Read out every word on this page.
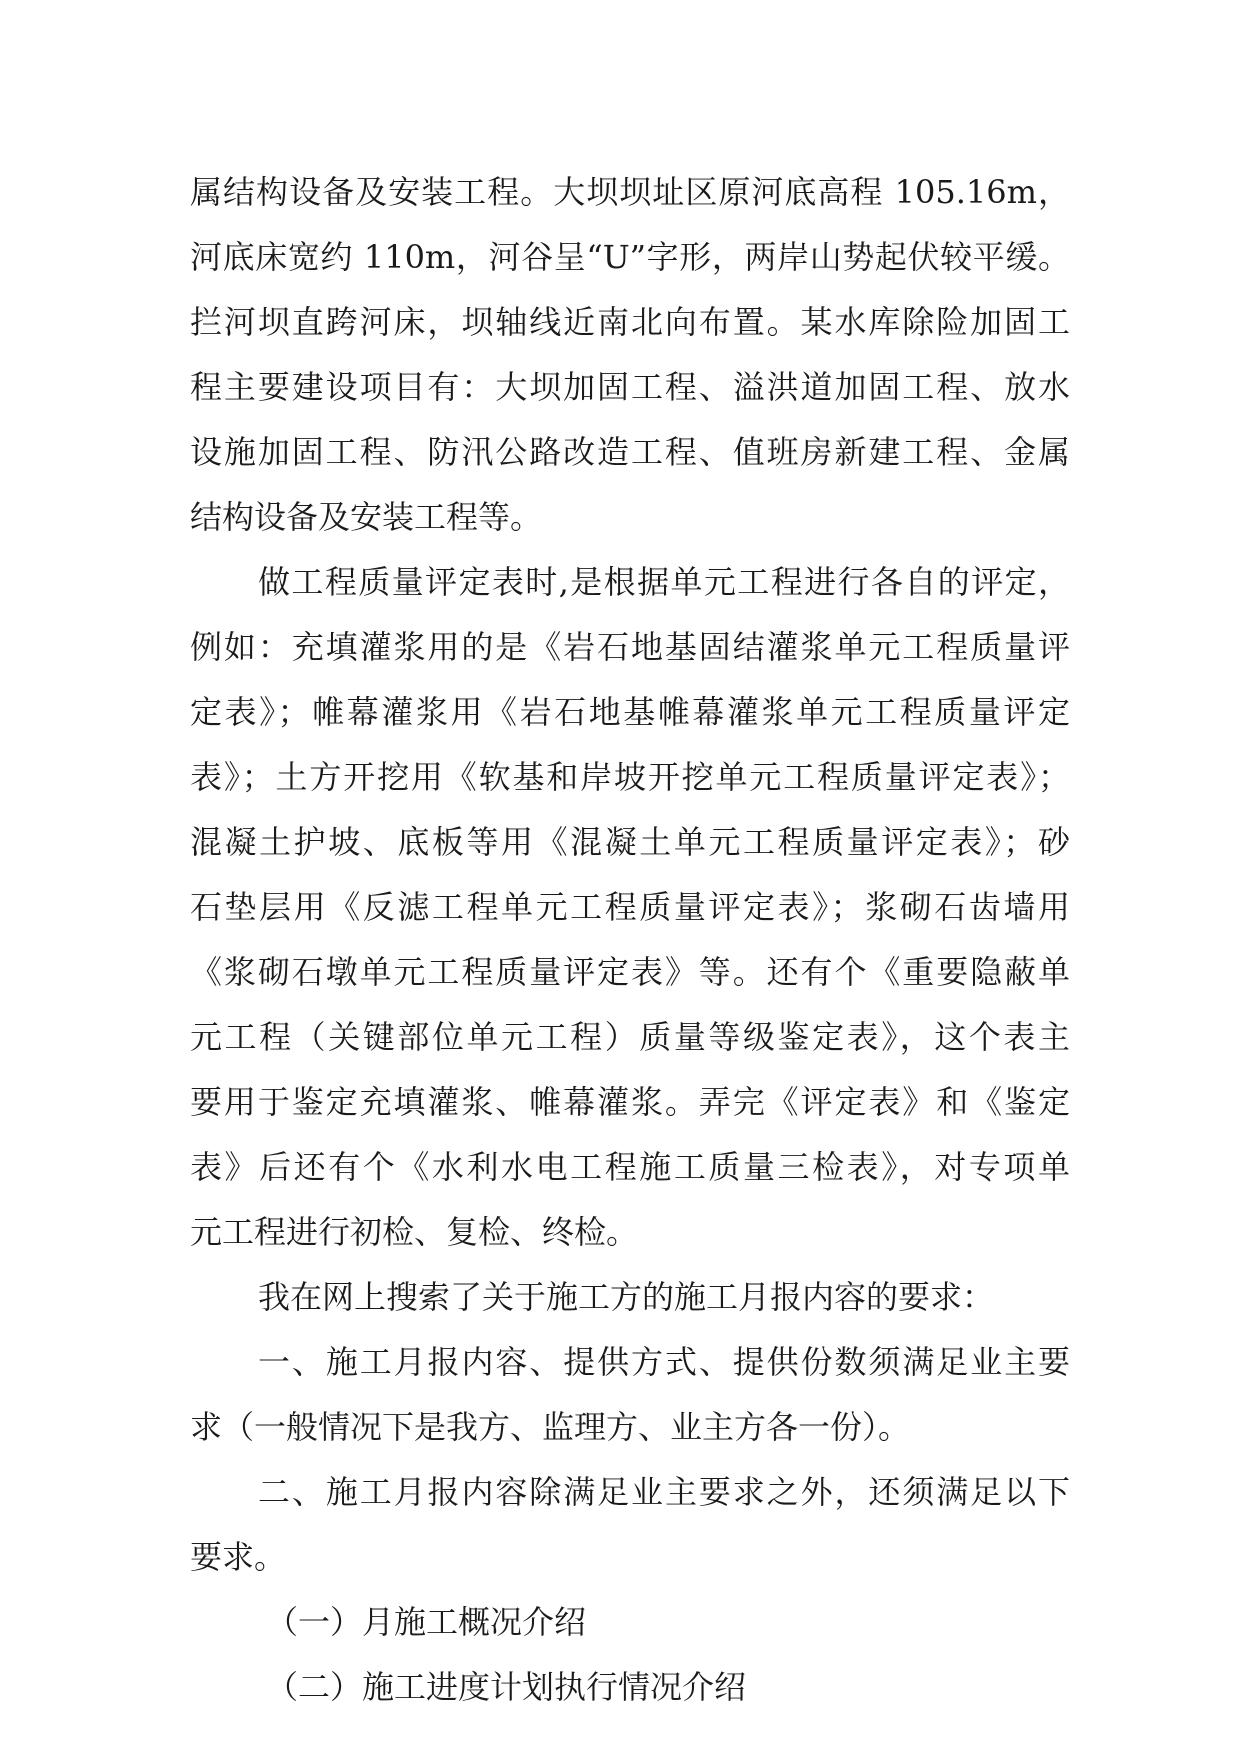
属结构设备及安装工程。大坝坝址区原河底高程 105.16m，
河底床宽约 110m，河谷呈“U”字形，两岸山势起伏较平缓。
拦河坝直跨河床，坝轴线近南北向布置。某水库除险加固工
程主要建设项目有：大坝加固工程、溢洪道加固工程、放水
设施加固工程、防汛公路改造工程、值班房新建工程、金属
结构设备及安装工程等。
做工程质量评定表时,是根据单元工程进行各自的评定，
例如：充填灌浆用的是《岩石地基固结灌浆单元工程质量评
定表》；帷幕灌浆用《岩石地基帷幕灌浆单元工程质量评定
表》；土方开挖用《软基和岸坡开挖单元工程质量评定表》；
混凝土护坡、底板等用《混凝土单元工程质量评定表》；砂
石垫层用《反滤工程单元工程质量评定表》；浆砌石齿墙用
《浆砌石墩单元工程质量评定表》等。还有个《重要隐蔽单
元工程（关键部位单元工程）质量等级鉴定表》，这个表主
要用于鉴定充填灌浆、帷幕灌浆。弄完《评定表》和《鉴定
表》后还有个《水利水电工程施工质量三检表》，对专项单
元工程进行初检、复检、终检。
我在网上搜索了关于施工方的施工月报内容的要求：
一、施工月报内容、提供方式、提供份数须满足业主要
求（一般情况下是我方、监理方、业主方各一份）。
二、施工月报内容除满足业主要求之外，还须满足以下
要求。
（一）月施工概况介绍
（二）施工进度计划执行情况介绍
